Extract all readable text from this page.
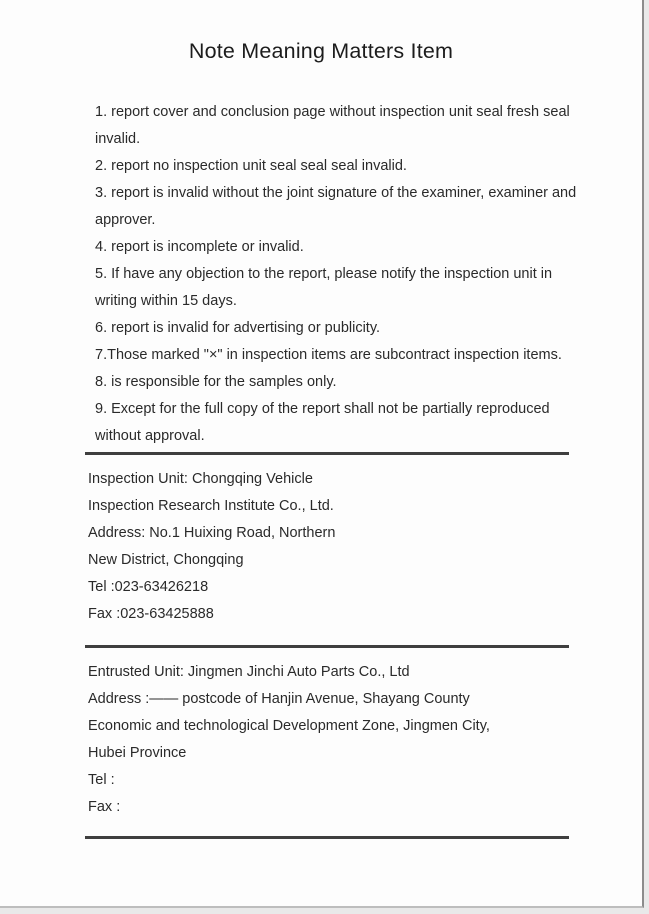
Note Meaning Matters Item
1. report cover and conclusion page without inspection unit seal fresh seal
invalid.
2. report no inspection unit seal seal seal invalid.
3. report is invalid without the joint signature of the examiner, examiner and
approver.
4. report is incomplete or invalid.
5. If have any objection to the report, please notify the inspection unit in
writing within 15 days.
6. report is invalid for advertising or publicity.
7.Those marked "×" in inspection items are subcontract inspection items.
8. is responsible for the samples only.
9. Except for the full copy of the report shall not be partially reproduced
without approval.
Inspection Unit: Chongqing Vehicle
Inspection Research Institute Co., Ltd.
Address: No.1 Huixing Road, Northern
New District, Chongqing
Tel :023-63426218
Fax :023-63425888
Entrusted Unit: Jingmen Jinchi Auto Parts Co., Ltd
Address :—— postcode of Hanjin Avenue, Shayang County
Economic and technological Development Zone, Jingmen City,
Hubei Province
Tel :
Fax :
